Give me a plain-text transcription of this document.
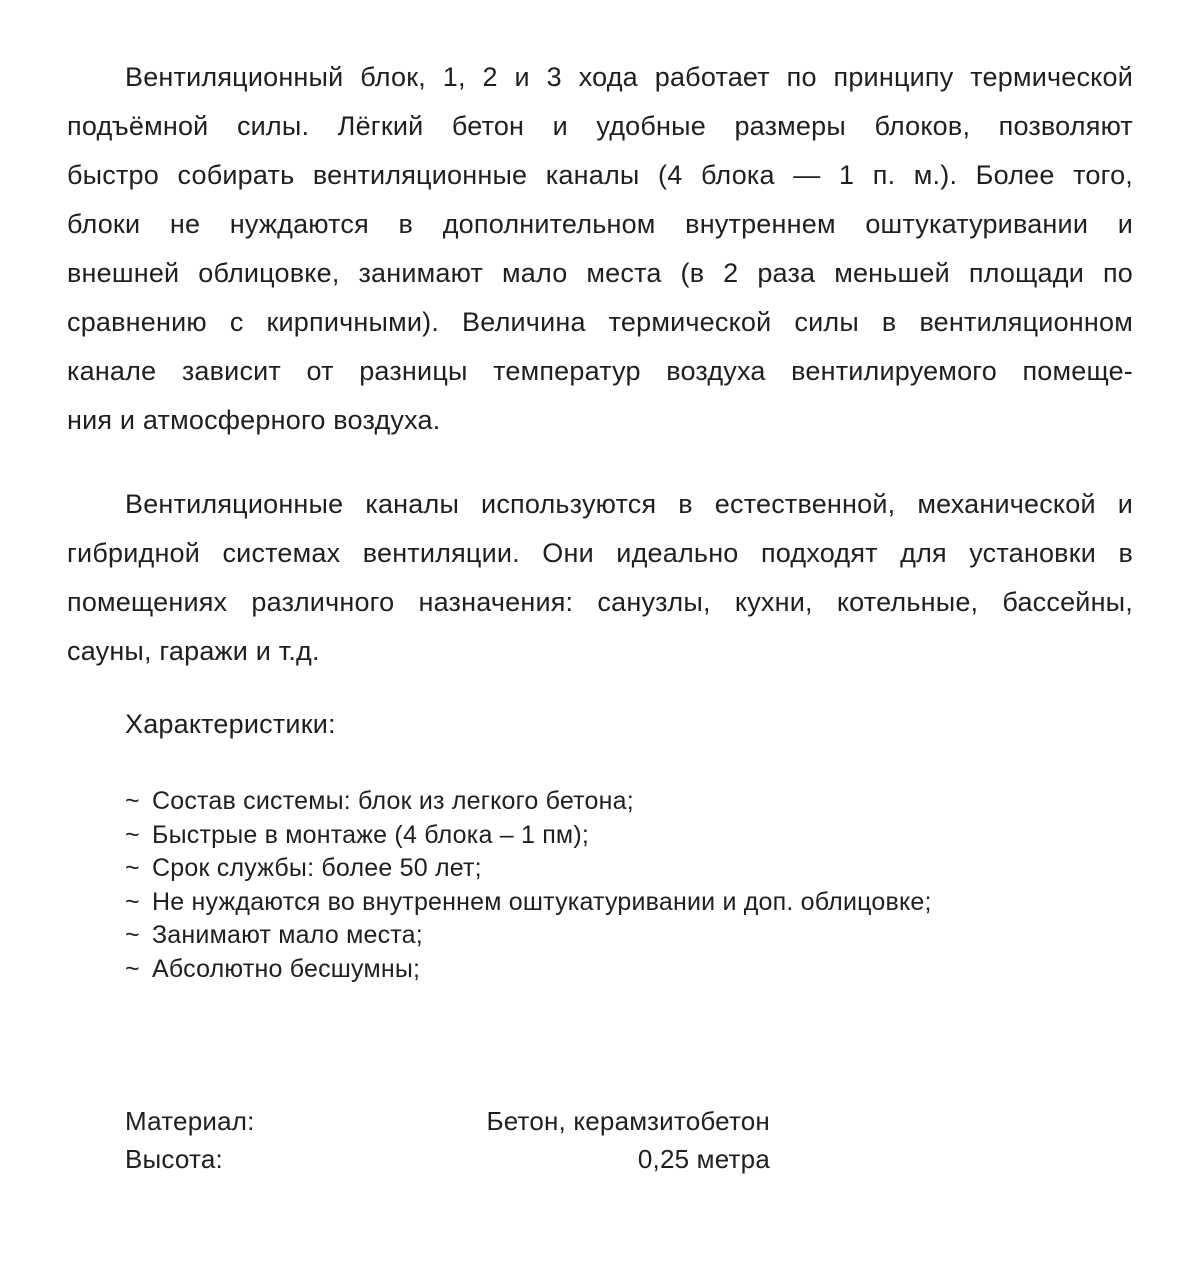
Вентиляционный блок, 1, 2 и 3 хода работает по принципу термической
подъёмной силы. Лёгкий бетон и удобные размеры блоков, позволяют
быстро собирать вентиляционные каналы (4 блока — 1 п. м.). Более того,
блоки не нуждаются в дополнительном внутреннем оштукатуривании и
внешней облицовке, занимают мало места (в 2 раза меньшей площади по
сравнению с кирпичными). Величина термической силы в вентиляционном
канале зависит от разницы температур воздуха вентилируемого помеще-
ния и атмосферного воздуха.
Вентиляционные каналы используются в естественной, механической и
гибридной системах вентиляции. Они идеально подходят для установки в
помещениях различного назначения: санузлы, кухни, котельные, бассейны,
сауны, гаражи и т.д.
Характеристики:
~ Состав системы: блок из легкого бетона;
~ Быстрые в монтаже (4 блока – 1 пм);
~ Срок службы: более 50 лет;
~ Не нуждаются во внутреннем оштукатуривании и доп. облицовке;
~ Занимают мало места;
~ Абсолютно бесшумны;
Материал:	Бетон, керамзитобетон
Высота:	0,25 метра
